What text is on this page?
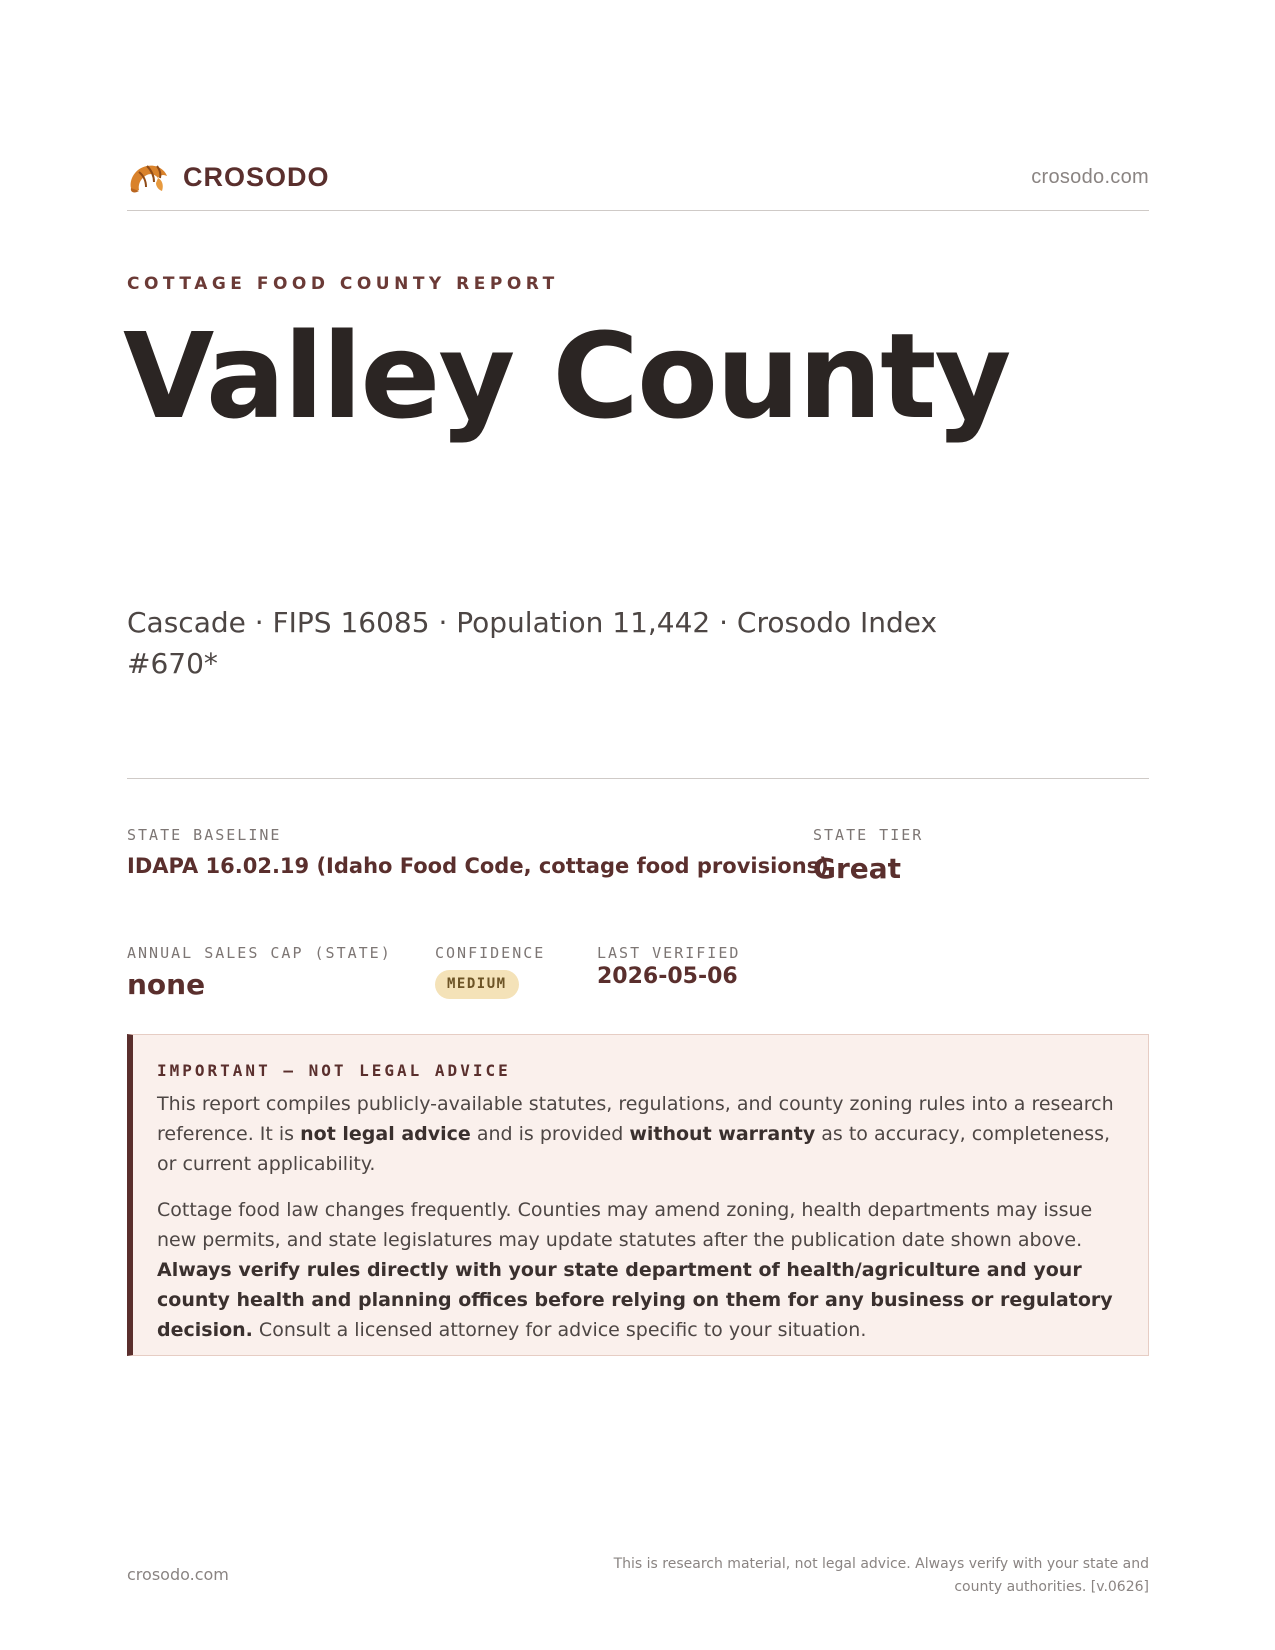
CROSODO	crosodo.com
COTTAGE FOOD COUNTY REPORT
Valley County
Cascade · FIPS 16085 · Population 11,442 · Crosodo Index #670*
STATE BASELINE
IDAPA 16.02.19 (Idaho Food Code, cottage food provisions)
STATE TIER
Great
ANNUAL SALES CAP (STATE)
none
CONFIDENCE
MEDIUM
LAST VERIFIED
2026-05-06
IMPORTANT — NOT LEGAL ADVICE

This report compiles publicly-available statutes, regulations, and county zoning rules into a research reference. It is not legal advice and is provided without warranty as to accuracy, completeness, or current applicability.

Cottage food law changes frequently. Counties may amend zoning, health departments may issue new permits, and state legislatures may update statutes after the publication date shown above. Always verify rules directly with your state department of health/agriculture and your county health and planning offices before relying on them for any business or regulatory decision. Consult a licensed attorney for advice specific to your situation.

crosodo.com
This is research material, not legal advice. Always verify with your state and county authorities. [v.0626]
